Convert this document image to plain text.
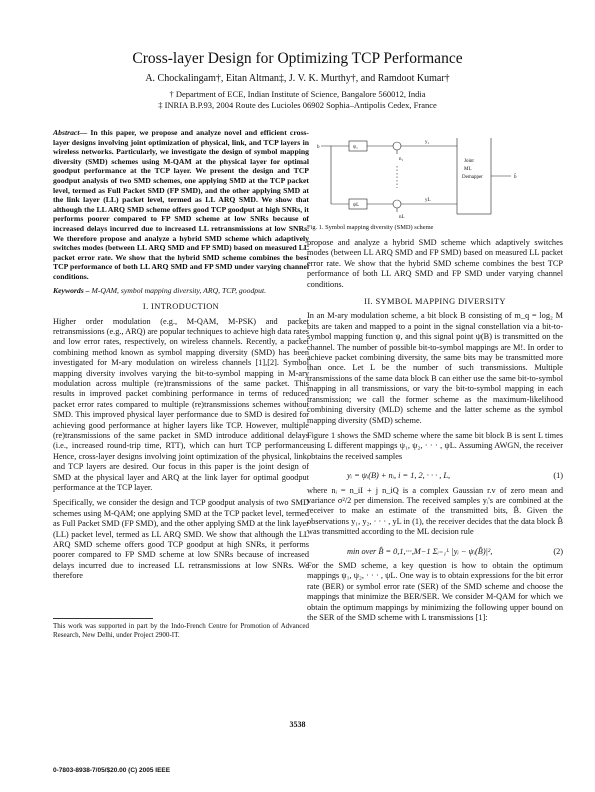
Cross-layer Design for Optimizing TCP Performance
A. Chockalingam†, Eitan Altman‡, J. V. K. Murthy†, and Ramdoot Kumar†
† Department of ECE, Indian Institute of Science, Bangalore 560012, India
‡ INRIA B.P.93, 2004 Route des Lucioles 06902 Sophia–Antipolis Cedex, France
Abstract— In this paper, we propose and analyze novel and efficient cross-layer designs involving joint optimization of physical, link, and TCP layers in wireless networks. Particularly, we investigate the design of symbol mapping diversity (SMD) schemes using M-QAM at the physical layer for optimal goodput performance at the TCP layer. We present the design and TCP goodput analysis of two SMD schemes, one applying SMD at the TCP packet level, termed as Full Packet SMD (FP SMD), and the other applying SMD at the link layer (LL) packet level, termed as LL ARQ SMD. We show that although the LL ARQ SMD scheme offers good TCP goodput at high SNRs, it performs poorer compared to FP SMD scheme at low SNRs because of increased delays incurred due to increased LL retransmissions at low SNRs. We therefore propose and analyze a hybrid SMD scheme which adaptively switches modes (between LL ARQ SMD and FP SMD) based on measured LL packet error rate. We show that the hybrid SMD scheme combines the best TCP performance of both LL ARQ SMD and FP SMD under varying channel conditions.
Keywords – M-QAM, symbol mapping diversity, ARQ, TCP, goodput.
I. INTRODUCTION

Higher order modulation (e.g., M-QAM, M-PSK) and packet retransmissions (e.g., ARQ) are popular techniques to achieve high data rates and low error rates, respectively, on wireless channels. Recently, a packet combining method known as symbol mapping diversity (SMD) has been investigated for M-ary modulation on wireless channels [1],[2]. Symbol mapping diversity involves varying the bit-to-symbol mapping in M-ary modulation across multiple (re)transmissions of the same packet. This results in improved packet combining performance in terms of reduced packet error rates compared to multiple (re)transmissions schemes without SMD. This improved physical layer performance due to SMD is desired for achieving good performance at higher layers like TCP. However, multiple (re)transmissions of the same packet in SMD introduce additional delays (i.e., increased round-trip time, RTT), which can hurt TCP performance. Hence, cross-layer designs involving joint optimization of the physical, link, and TCP layers are desired. Our focus in this paper is the joint design of SMD at the physical layer and ARQ at the link layer for optimal goodput performance at the TCP layer.

Specifically, we consider the design and TCP goodput analysis of two SMD schemes using M-QAM; one applying SMD at the TCP packet level, termed as Full Packet SMD (FP SMD), and the other applying SMD at the link layer (LL) packet level, termed as LL ARQ SMD. We show that although the LL ARQ SMD scheme offers good TCP goodput at high SNRs, it performs poorer compared to FP SMD scheme at low SNRs because of increased delays incurred due to increased LL retransmissions at low SNRs. We therefore

This work was supported in part by the Indo-French Centre for Promotion of Advanced Research, New Delhi, under Project 2900-IT.
b	ψ₁
ψL
n₁
nL
y₁
yL
Joint
ML
Demapper	b̂
Fig. 1. Symbol mapping diversity (SMD) scheme

propose and analyze a hybrid SMD scheme which adaptively switches modes (between LL ARQ SMD and FP SMD) based on measured LL packet error rate. We show that the hybrid SMD scheme combines the best TCP performance of both LL ARQ SMD and FP SMD under varying channel conditions.

II. SYMBOL MAPPING DIVERSITY

In an M-ary modulation scheme, a bit block B consisting of m_q = log₂ M bits are taken and mapped to a point in the signal constellation via a bit-to-symbol mapping function ψ, and this signal point ψ(B) is transmitted on the channel. The number of possible bit-to-symbol mappings are M!. In order to achieve packet combining diversity, the same bits may be transmitted more than once. Let L be the number of such transmissions. Multiple transmissions of the same data block B can either use the same bit-to-symbol mapping in all transmissions, or vary the bit-to-symbol mapping in each transmission; we call the former scheme as the maximum-likelihood combining diversity (MLD) scheme and the latter scheme as the symbol mapping diversity (SMD) scheme.

Figure 1 shows the SMD scheme where the same bit block B is sent L times using L different mappings ψ₁, ψ₂, · · · , ψL. Assuming AWGN, the receiver obtains the received samples

yᵢ = ψᵢ(B) + nᵢ, i = 1, 2, · · · , L,	(1)

where nᵢ = n_iI + j n_iQ is a complex Gaussian r.v of zero mean and variance σ²/2 per dimension. The received samples yᵢ's are combined at the receiver to make an estimate of the transmitted bits, B̂. Given the observations y₁, y₂, · · · , yL in (1), the receiver decides that the data block B̂ was transmitted according to the ML decision rule

min over B̂ = 0,1,···,M−1 Σᵢ₌₁ᴸ |yᵢ − ψᵢ(B̂)|²,	(2)

For the SMD scheme, a key question is how to obtain the optimum mappings ψ₁, ψ₂, · · · , ψL. One way is to obtain expressions for the bit error rate (BER) or symbol error rate (SER) of the SMD scheme and choose the mappings that minimize the BER/SER. We consider M-QAM for which we obtain the optimum mappings by minimizing the following upper bound on the SER of the SMD scheme with L transmissions [1]:

3538
0-7803-8938-7/05/$20.00 (C) 2005 IEEE
